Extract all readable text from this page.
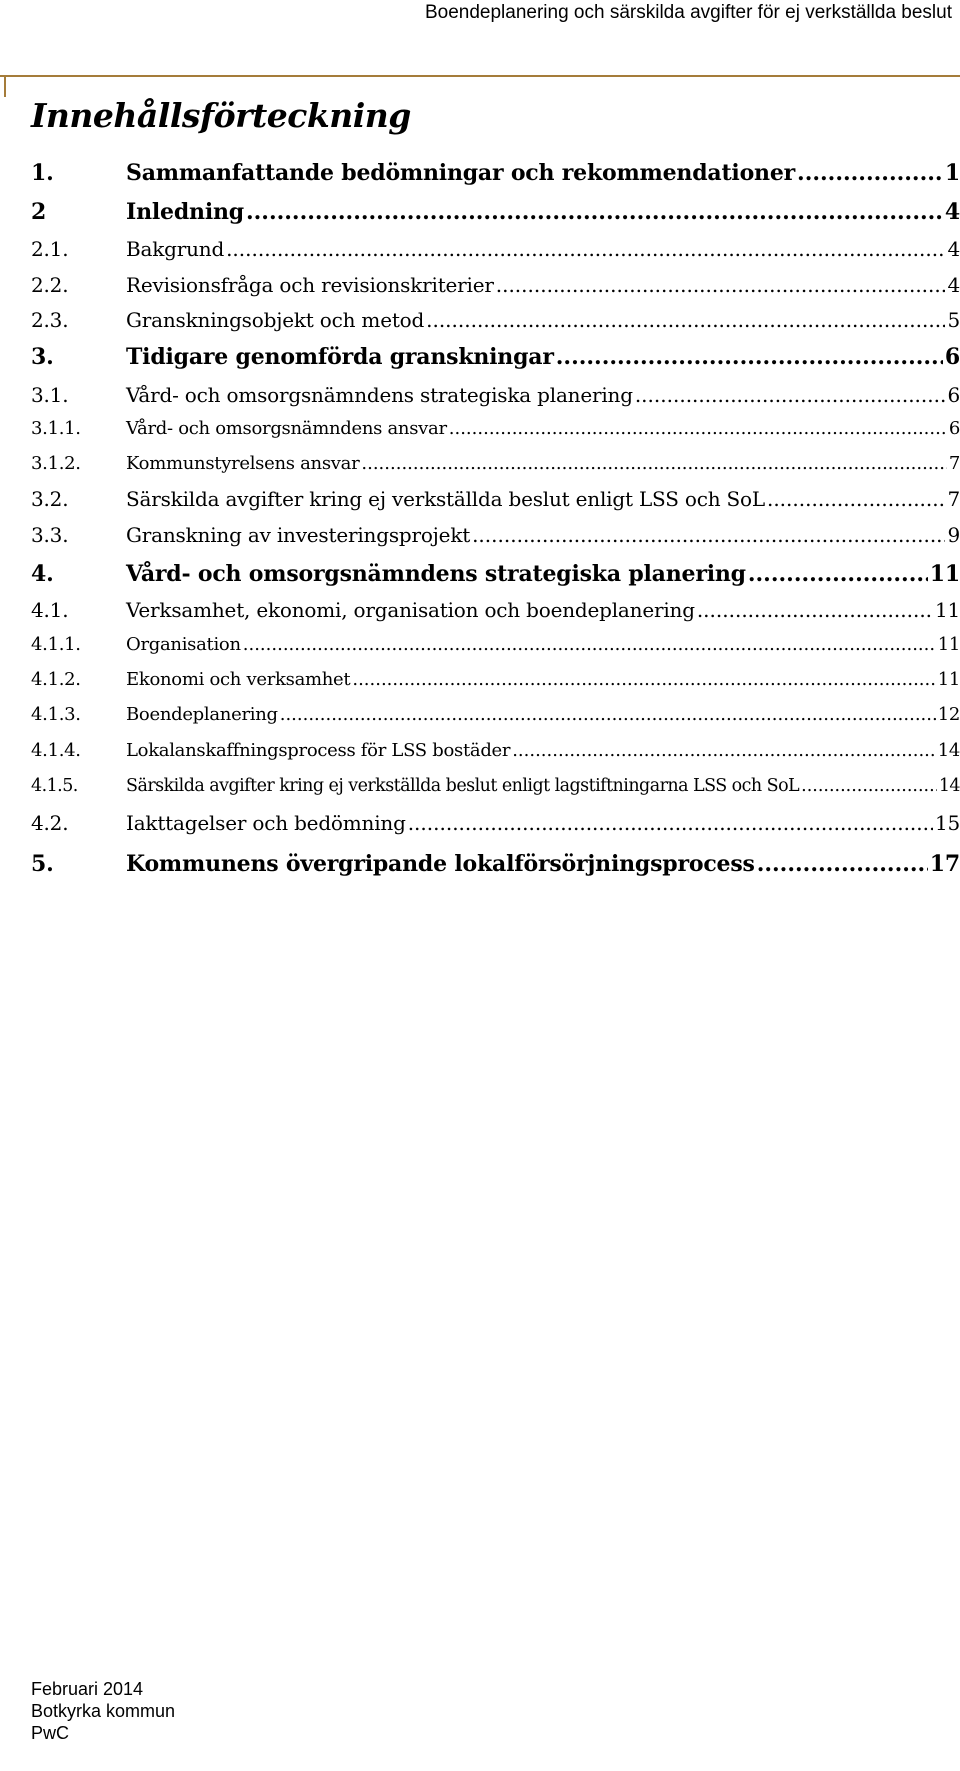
Boendeplanering och särskilda avgifter för ej verkställda beslut
Innehållsförteckning
1.	Sammanfattande bedömningar och rekommendationer .....	1
2	Inledning .....	4
2.1.	Bakgrund .....	4
2.2.	Revisionsfråga och revisionskriterier .....	4
2.3.	Granskningsobjekt och metod .....	5
3.	Tidigare genomförda granskningar .....	6
3.1.	Vård- och omsorgsnämndens strategiska planering .....	6
3.1.1.	Vård- och omsorgsnämndens ansvar .....	6
3.1.2.	Kommunstyrelsens ansvar .....	7
3.2.	Särskilda avgifter kring ej verkställda beslut enligt LSS och SoL .....	7
3.3.	Granskning av investeringsprojekt .....	9
4.	Vård- och omsorgsnämndens strategiska planering .....	11
4.1.	Verksamhet, ekonomi, organisation och boendeplanering .....	11
4.1.1.	Organisation .....	11
4.1.2.	Ekonomi och verksamhet .....	11
4.1.3.	Boendeplanering .....	12
4.1.4.	Lokalanskaffningsprocess för LSS bostäder .....	14
4.1.5.	Särskilda avgifter kring ej verkställda beslut enligt lagstiftningarna LSS och SoL .....	14
4.2.	Iakttagelser och bedömning .....	15
5.	Kommunens övergripande lokalförsörjningsprocess .....	17
Februari 2014
Botkyrka kommun
PwC
